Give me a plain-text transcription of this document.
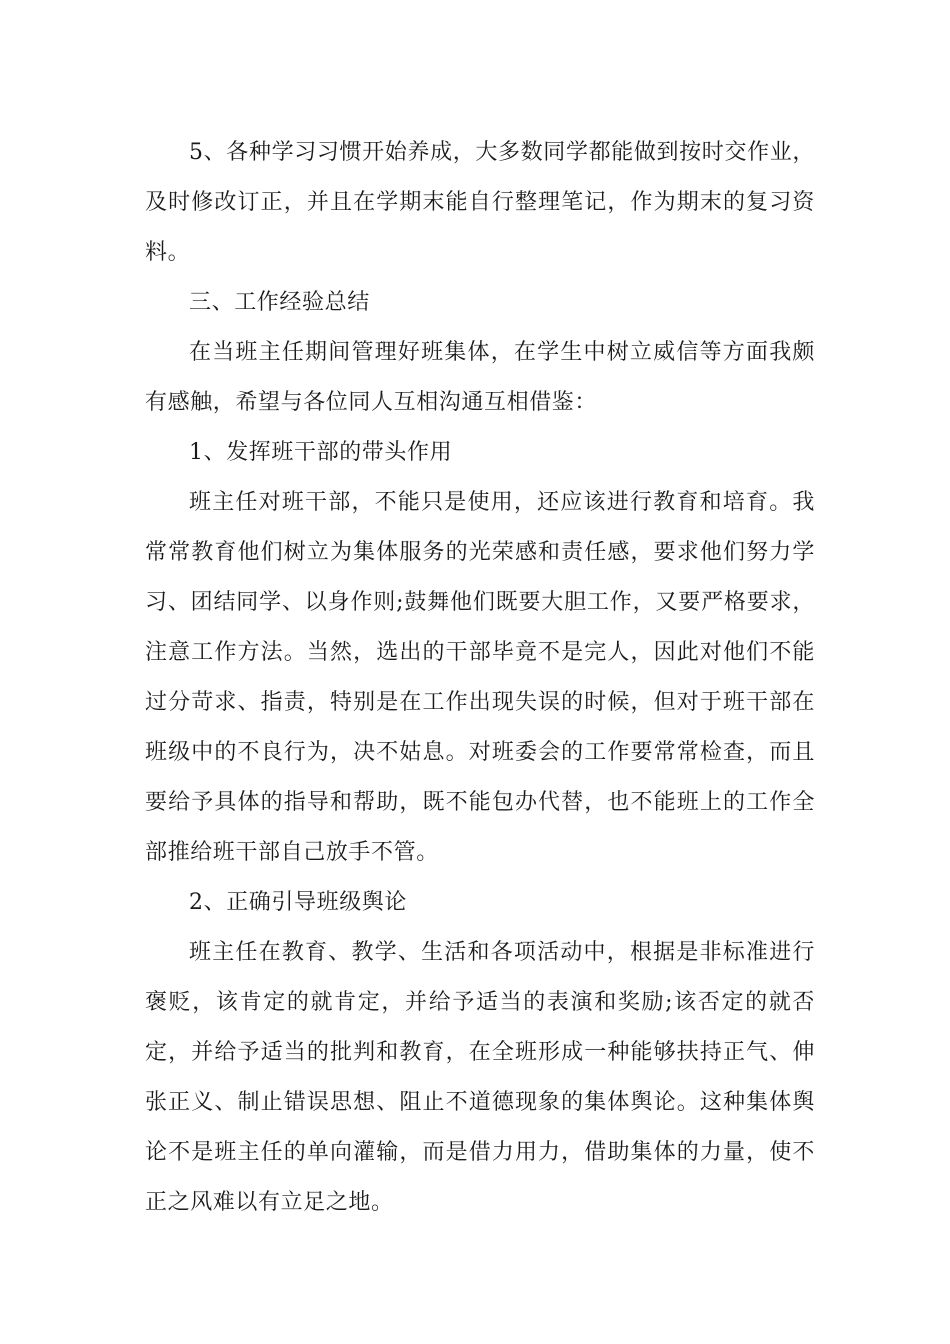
5、各种学习习惯开始养成，大多数同学都能做到按时交作业，及时修改订正，并且在学期末能自行整理笔记，作为期末的复习资料。

三、工作经验总结

在当班主任期间管理好班集体，在学生中树立威信等方面我颇有感触，希望与各位同人互相沟通互相借鉴：

1、发挥班干部的带头作用

班主任对班干部，不能只是使用，还应该进行教育和培育。我常常教育他们树立为集体服务的光荣感和责任感，要求他们努力学习、团结同学、以身作则;鼓舞他们既要大胆工作，又要严格要求，注意工作方法。当然，选出的干部毕竟不是完人，因此对他们不能过分苛求、指责，特别是在工作出现失误的时候，但对于班干部在班级中的不良行为，决不姑息。对班委会的工作要常常检查，而且要给予具体的指导和帮助，既不能包办代替，也不能班上的工作全部推给班干部自己放手不管。

2、正确引导班级舆论

班主任在教育、教学、生活和各项活动中，根据是非标准进行褒贬，该肯定的就肯定，并给予适当的表演和奖励;该否定的就否定，并给予适当的批判和教育，在全班形成一种能够扶持正气、伸张正义、制止错误思想、阻止不道德现象的集体舆论。这种集体舆论不是班主任的单向灌输，而是借力用力，借助集体的力量，使不正之风难以有立足之地。
